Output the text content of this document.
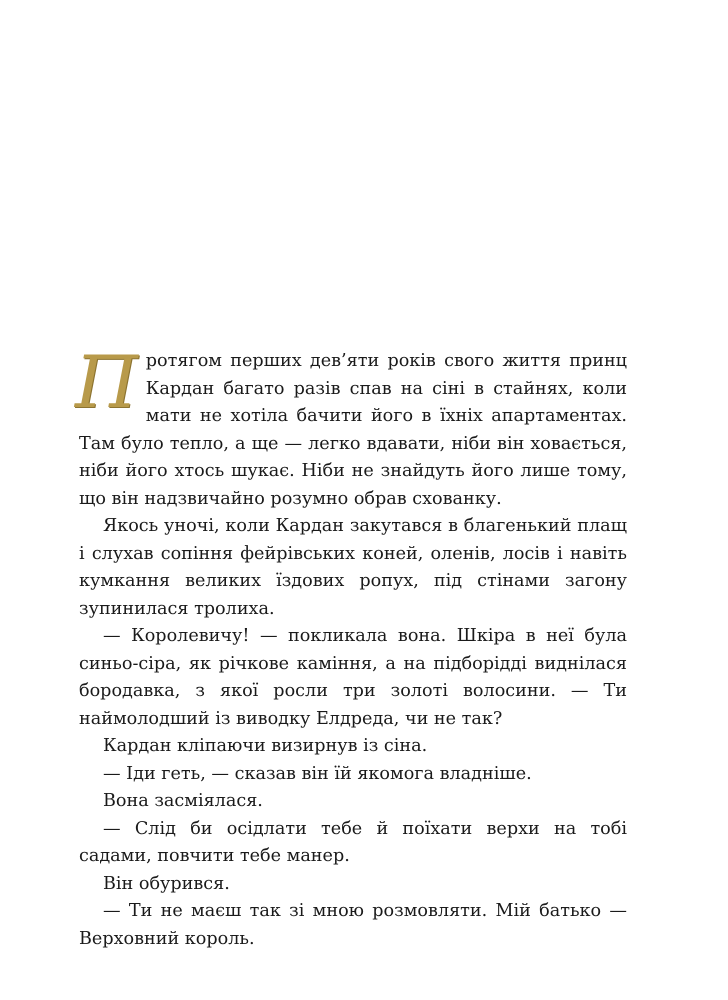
Протягом перших дев’яти років свого життя принц Кардан багато разів спав на сіні в стайнях, коли мати не хотіла бачити його в їхніх апартаментах. Там було тепло, а ще — легко вдавати, ніби він ховається, ніби його хтось шукає. Ніби не знайдуть його лише тому, що він надзвичайно розумно обрав схованку.

Якось уночі, коли Кардан закутався в благенький плащ і слухав сопіння фейрівських коней, оленів, лосів і навіть кумкання великих їздових ропух, під стінами загону зупинилася тролиха.

— Королевичу! — покликала вона. Шкіра в неї була синьо-сіра, як річкове каміння, а на підборідді виднілася бородавка, з якої росли три золоті волосини. — Ти наймолодший із виводку Елдреда, чи не так?

Кардан кліпаючи визирнув із сіна.

— Іди геть, — сказав він їй якомога владніше.

Вона засміялася.

— Слід би осідлати тебе й поїхати верхи на тобі садами, повчити тебе манер.

Він обурився.

— Ти не маєш так зі мною розмовляти. Мій батько — Верховний король.
